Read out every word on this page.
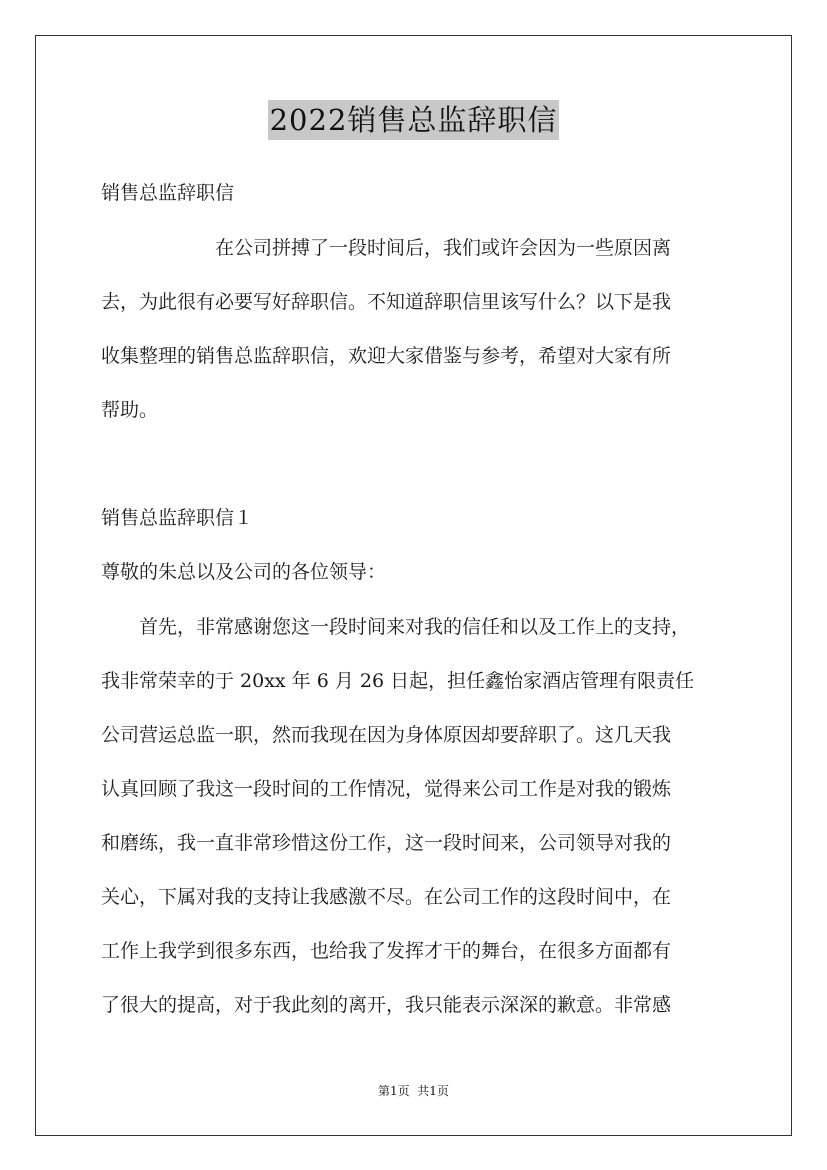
2022销售总监辞职信
销售总监辞职信
　　　　　　在公司拼搏了一段时间后，我们或许会因为一些原因离
去，为此很有必要写好辞职信。不知道辞职信里该写什么？以下是我
收集整理的销售总监辞职信，欢迎大家借鉴与参考，希望对大家有所
帮助。
销售总监辞职信１
尊敬的朱总以及公司的各位领导：
　　首先，非常感谢您这一段时间来对我的信任和以及工作上的支持，
我非常荣幸的于 20xx 年 6 月 26 日起，担任鑫怡家酒店管理有限责任
公司营运总监一职，然而我现在因为身体原因却要辞职了。这几天我
认真回顾了我这一段时间的工作情况，觉得来公司工作是对我的锻炼
和磨练，我一直非常珍惜这份工作，这一段时间来，公司领导对我的
关心，下属对我的支持让我感激不尽。在公司工作的这段时间中，在
工作上我学到很多东西，也给我了发挥才干的舞台，在很多方面都有
了很大的提高，对于我此刻的离开，我只能表示深深的歉意。非常感
第1页  共1页
